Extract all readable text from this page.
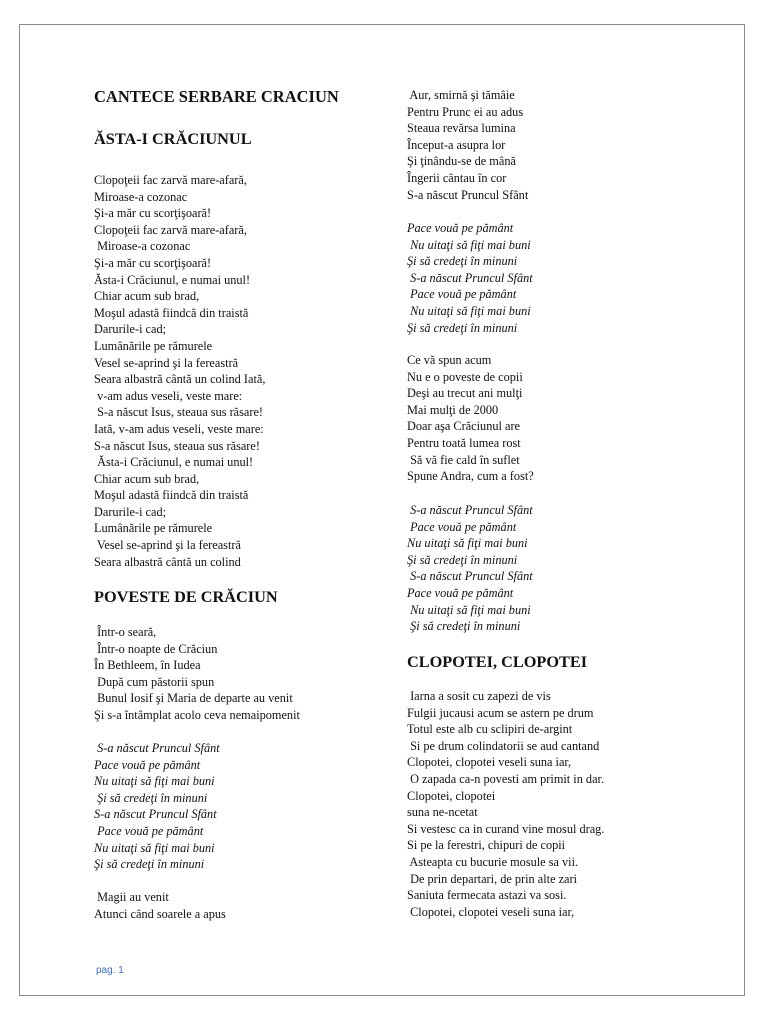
CANTECE SERBARE CRACIUN
ĂSTA-I CRĂCIUNUL
Clopoţeii fac zarvă mare-afară,
Miroase-a cozonac
Şi-a măr cu scorţişoară!
Clopoţeii fac zarvă mare-afară,
Miroase-a cozonac
Şi-a măr cu scorţişoară!
Ăsta-i Crăciunul, e numai unul!
Chiar acum sub brad,
Moşul adastă fiindcă din traistă
Darurile-i cad;
Lumânările pe rămurele
Vesel se-aprind şi la fereastră
Seara albastră cântă un colind Iată,
v-am adus veseli, veste mare:
S-a născut Isus, steaua sus răsare!
Iată, v-am adus veseli, veste mare:
S-a născut Isus, steaua sus răsare!
Ăsta-i Crăciunul, e numai unul!
Chiar acum sub brad,
Moşul adastă fiindcă din traistă
Darurile-i cad;
Lumânările pe rămurele
Vesel se-aprind şi la fereastră
Seara albastră cântă un colind
POVESTE DE CRĂCIUN
Într-o seară,
Într-o noapte de Crăciun
În Bethleem, în Iudea
După cum păstorii spun
Bunul Iosif şi Maria de departe au venit
Şi s-a întâmplat acolo ceva nemaipomenit
S-a născut Pruncul Sfânt
Pace vouă pe pământ
Nu uitaţi să fiţi mai buni
Şi să credeţi în minuni
S-a născut Pruncul Sfânt
Pace vouă pe pământ
Nu uitaţi să fiţi mai buni
Şi să credeţi în minuni
Magii au venit
Atunci când soarele a apus
Aur, smirnă şi tămâie
Pentru Prunc ei au adus
Steaua revărsa lumina
Început-a asupra lor
Şi ţinându-se de mână
Îngerii cântau în cor
S-a născut Pruncul Sfânt
Pace vouă pe pământ
Nu uitaţi să fiţi mai buni
Şi să credeţi în minuni
S-a născut Pruncul Sfânt
Pace vouă pe pământ
Nu uitaţi să fiţi mai buni
Şi să credeţi în minuni
Ce vă spun acum
Nu e o poveste de copii
Deşi au trecut ani mulţi
Mai mulţi de 2000
Doar aşa Crăciunul are
Pentru toată lumea rost
Să vă fie cald în suflet
Spune Andra, cum a fost?
S-a născut Pruncul Sfânt
Pace vouă pe pământ
Nu uitaţi să fiţi mai buni
Şi să credeţi în minuni
S-a născut Pruncul Sfânt
Pace vouă pe pământ
Nu uitaţi să fiţi mai buni
Şi să credeţi în minuni
CLOPOTEI, CLOPOTEI
Iarna a sosit cu zapezi de vis
Fulgii jucausi acum se astern pe drum
Totul este alb cu sclipiri de-argint
Si pe drum colindatorii se aud cantand
Clopotei, clopotei veseli suna iar,
O zapada ca-n povesti am primit in dar.
Clopotei, clopotei
suna ne-ncetat
Si vestesc ca in curand vine mosul drag.
Si pe la ferestri, chipuri de copii
Asteapta cu bucurie mosule sa vii.
De prin departari, de prin alte zari
Saniuta fermecata astazi va sosi.
Clopotei, clopotei veseli suna iar,
pag. 1
